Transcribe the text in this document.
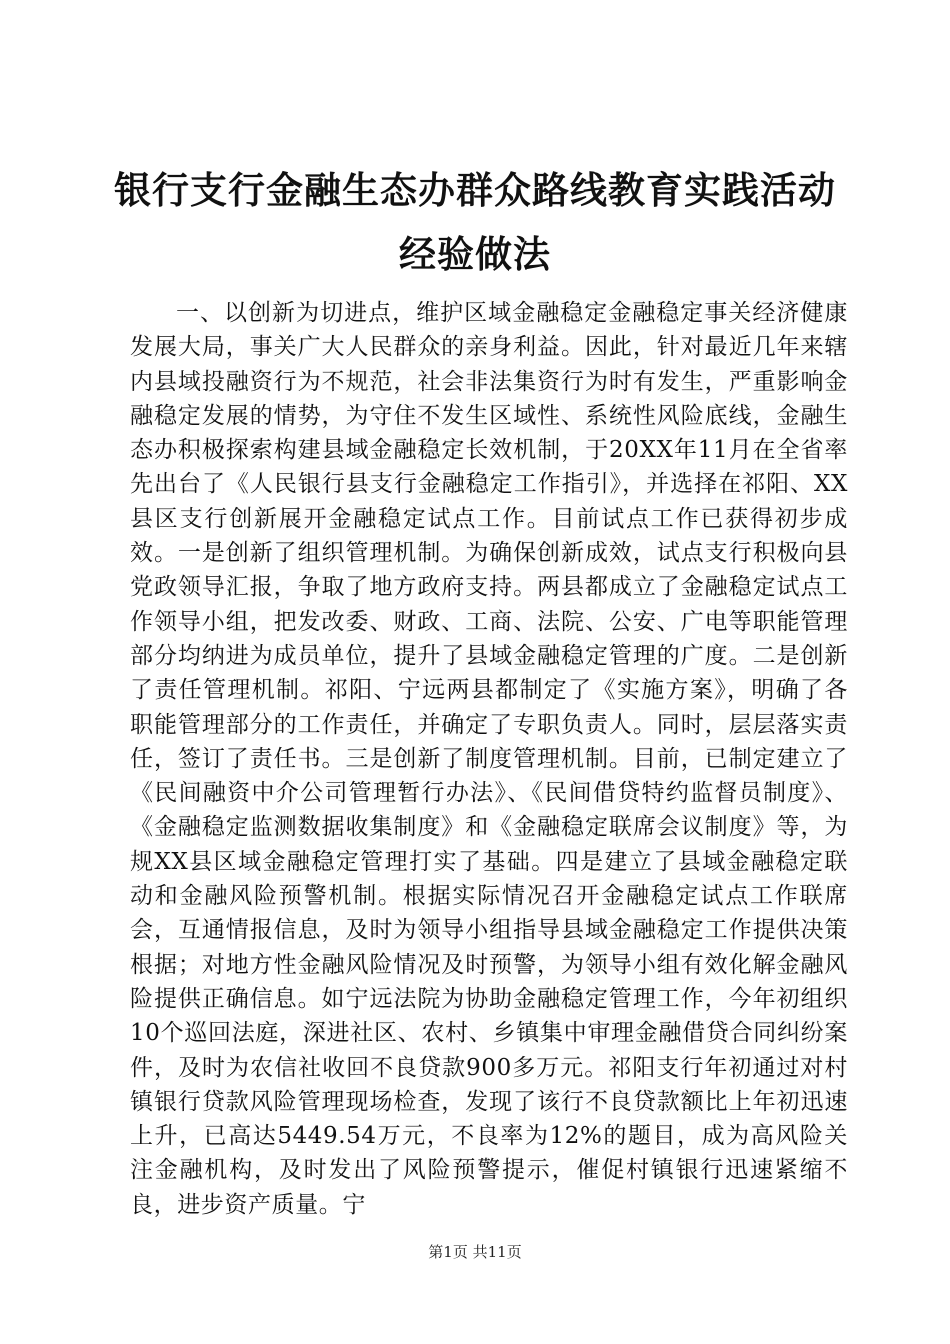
银行支行金融生态办群众路线教育实践活动经验做法

一、以创新为切进点，维护区域金融稳定金融稳定事关经济健康发展大局，事关广大人民群众的亲身利益。因此，针对最近几年来辖内县域投融资行为不规范，社会非法集资行为时有发生，严重影响金融稳定发展的情势，为守住不发生区域性、系统性风险底线，金融生态办积极探索构建县域金融稳定长效机制，于20XX年11月在全省率先出台了《人民银行县支行金融稳定工作指引》，并选择在祁阳、XX县区支行创新展开金融稳定试点工作。目前试点工作已获得初步成效。一是创新了组织管理机制。为确保创新成效，试点支行积极向县党政领导汇报，争取了地方政府支持。两县都成立了金融稳定试点工作领导小组，把发改委、财政、工商、法院、公安、广电等职能管理部分均纳进为成员单位，提升了县域金融稳定管理的广度。二是创新了责任管理机制。祁阳、宁远两县都制定了《实施方案》，明确了各职能管理部分的工作责任，并确定了专职负责人。同时，层层落实责任，签订了责任书。三是创新了制度管理机制。目前，已制定建立了《民间融资中介公司管理暂行办法》、《民间借贷特约监督员制度》、《金融稳定监测数据收集制度》和《金融稳定联席会议制度》等，为规XX县区域金融稳定管理打实了基础。四是建立了县域金融稳定联动和金融风险预警机制。根据实际情况召开金融稳定试点工作联席会，互通情报信息，及时为领导小组指导县域金融稳定工作提供决策根据；对地方性金融风险情况及时预警，为领导小组有效化解金融风险提供正确信息。如宁远法院为协助金融稳定管理工作，今年初组织10个巡回法庭，深进社区、农村、乡镇集中审理金融借贷合同纠纷案件，及时为农信社收回不良贷款900多万元。祁阳支行年初通过对村镇银行贷款风险管理现场检查，发现了该行不良贷款额比上年初迅速上升，已高达5449.54万元，不良率为12%的题目，成为高风险关注金融机构，及时发出了风险预警提示，催促村镇银行迅速紧缩不良，进步资产质量。宁

第1页 共11页
